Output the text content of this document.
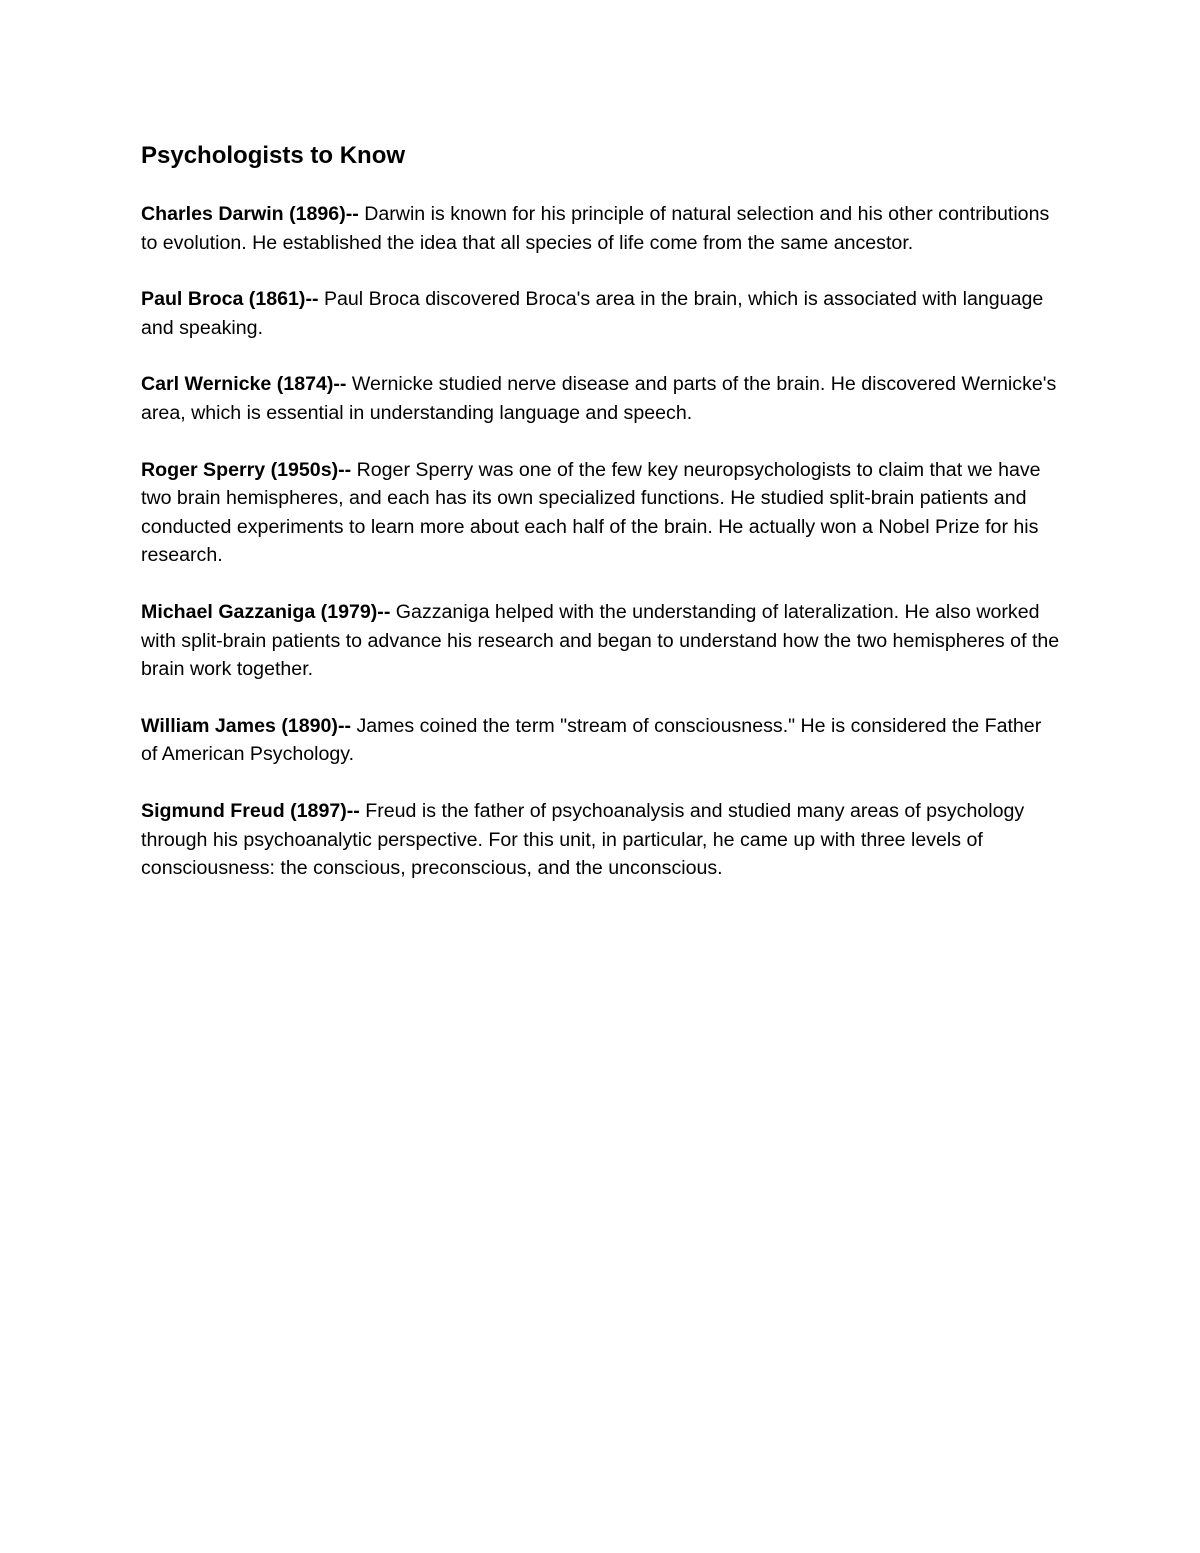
Psychologists to Know

Charles Darwin (1896)-- Darwin is known for his principle of natural selection and his other contributions to evolution. He established the idea that all species of life come from the same ancestor.

Paul Broca (1861)-- Paul Broca discovered Broca's area in the brain, which is associated with language and speaking.

Carl Wernicke (1874)-- Wernicke studied nerve disease and parts of the brain. He discovered Wernicke's area, which is essential in understanding language and speech.

Roger Sperry (1950s)-- Roger Sperry was one of the few key neuropsychologists to claim that we have two brain hemispheres, and each has its own specialized functions. He studied split-brain patients and conducted experiments to learn more about each half of the brain. He actually won a Nobel Prize for his research.

Michael Gazzaniga (1979)-- Gazzaniga helped with the understanding of lateralization. He also worked with split-brain patients to advance his research and began to understand how the two hemispheres of the brain work together.

William James (1890)-- James coined the term "stream of consciousness." He is considered the Father of American Psychology.

Sigmund Freud (1897)-- Freud is the father of psychoanalysis and studied many areas of psychology through his psychoanalytic perspective. For this unit, in particular, he came up with three levels of consciousness: the conscious, preconscious, and the unconscious.
